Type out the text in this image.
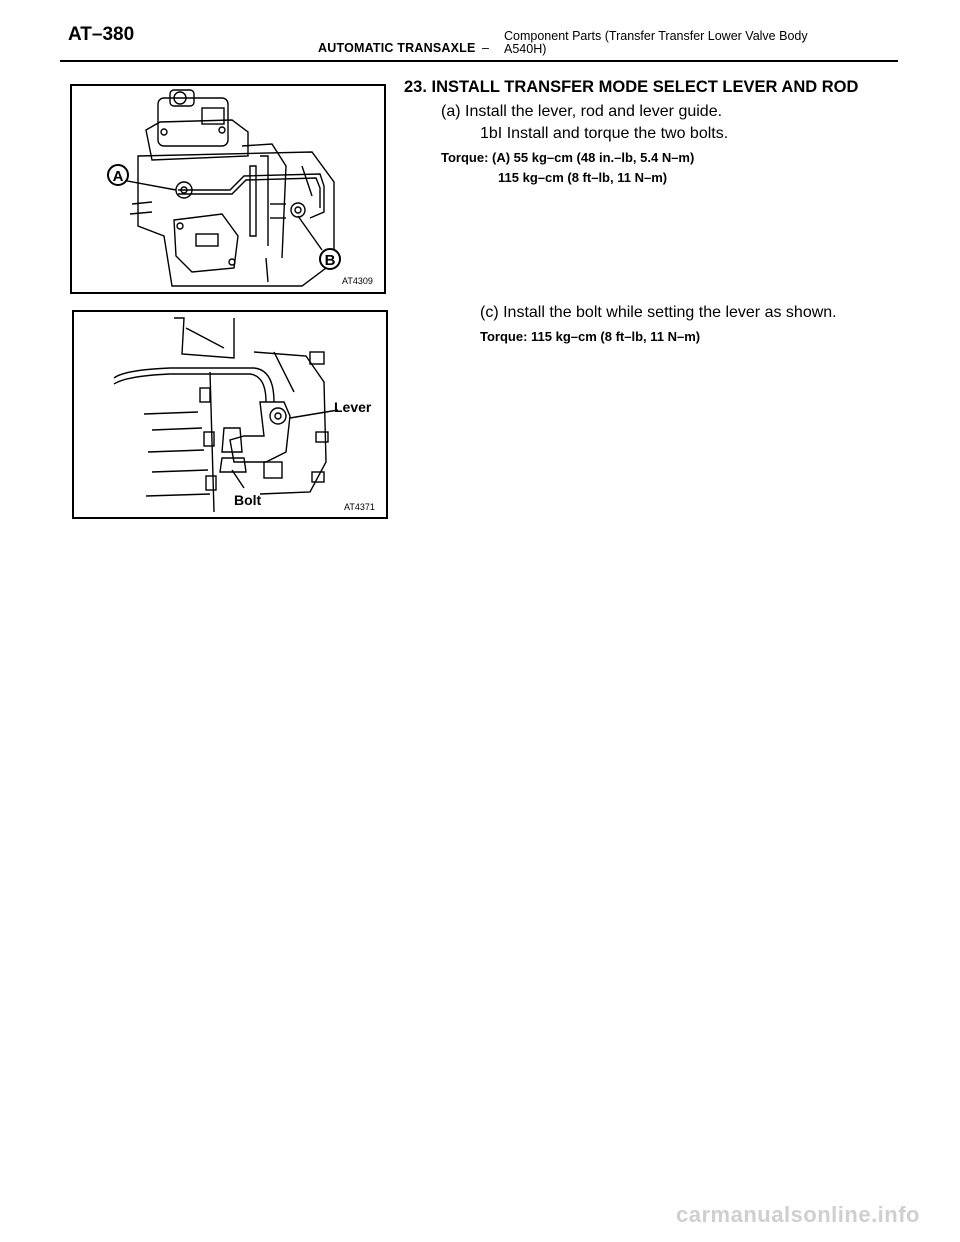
AT–380
AUTOMATIC TRANSAXLE –
Component Parts (Transfer Transfer Lower Valve Body A540H)
A
B
AT4309
Lever
Bolt	AT4371
23. INSTALL TRANSFER MODE SELECT LEVER AND ROD
(a) Install the lever, rod and lever guide.
1bI Install and torque the two bolts.
Torque: (A) 55 kg–cm (48 in.–lb, 5.4 N–m)
115 kg–cm (8 ft–lb, 11 N–m)
(c) Install the bolt while setting the lever as shown.
Torque: 115 kg–cm (8 ft–lb, 11 N–m)
carmanualsonline.info
